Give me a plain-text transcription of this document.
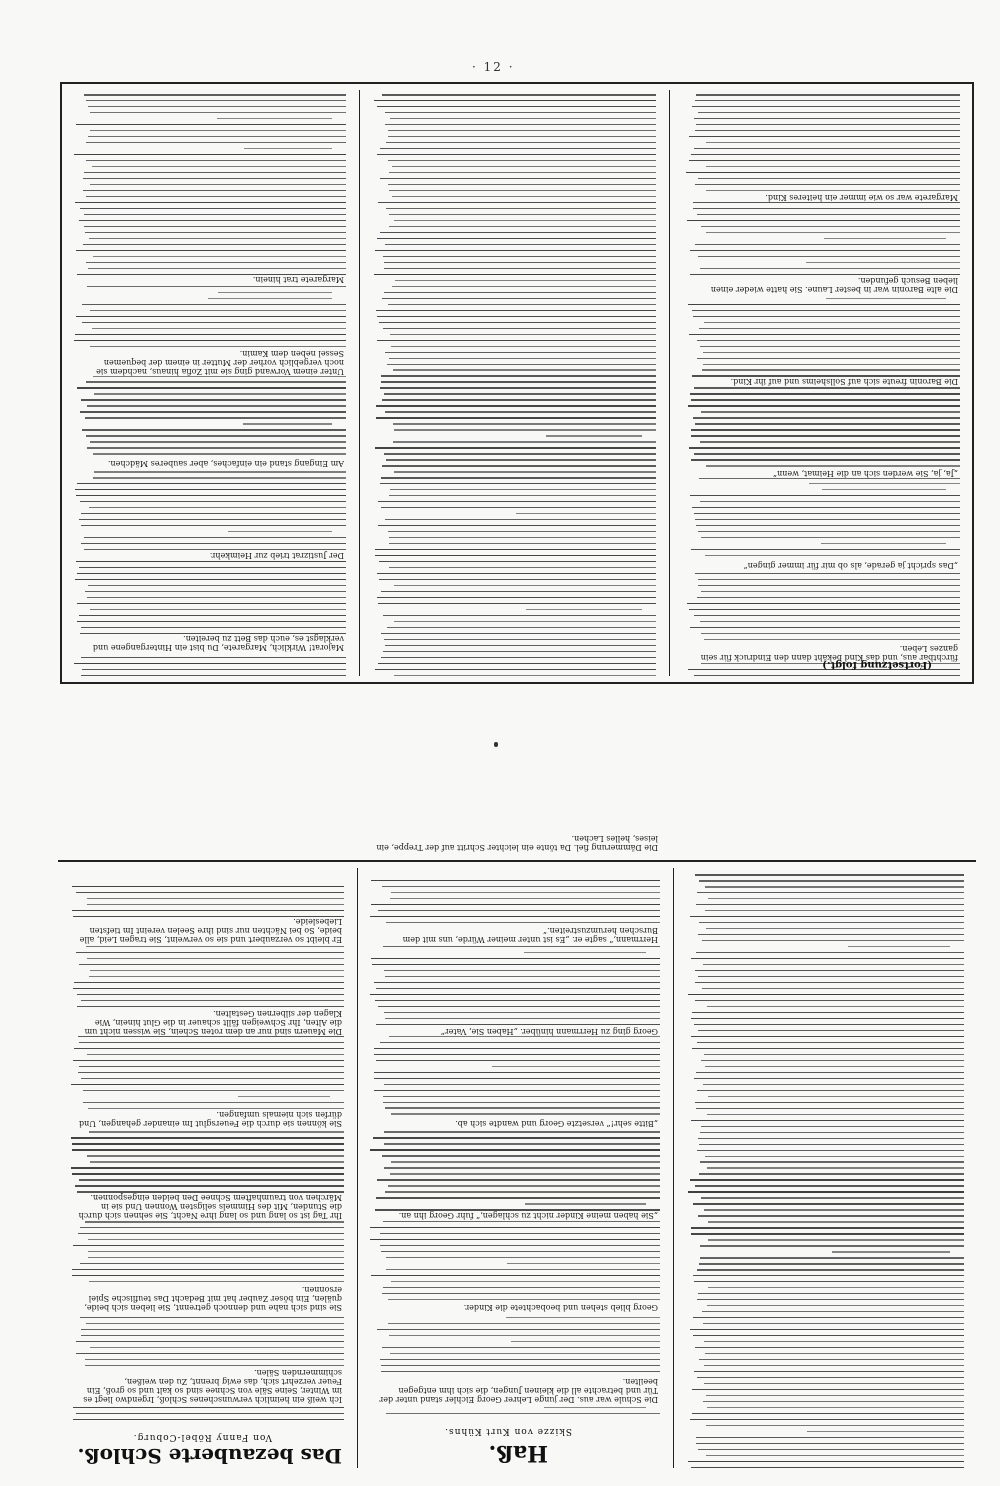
· 12 ·
fürchtbar aus, und das Kind bekäht dann den Eindruck für sein ganzes Leben.
„Das spricht ja gerade, als ob mir für immer gingen“
„Ja, ja, Sie werden sich an die Heimat, wenn“
Die Baronin freute sich auf Sollsheims und auf ihr Kind.
Die alte Baronin war in bester Laune. Sie hatte wieder einen lieben Besuch gefunden.
Margarete war so wie immer ein heiteres Kind.
Majorat! Wirklich, Margarete, Du bist ein Hintergangene und verklagst es, euch das Bett zu bereiten.
Der Justizrat trieb zur Heimkehr.
Am Eingang stand ein einfaches, aber sauberes Mädchen.
Unter einem Vorwand ging sie mit Zofia hinaus, nachdem sie noch vergeblich vorher der Mutter in einem der bequemen Sessel neben dem Kamin.
Margarete trat hinein.
(Fortsetzung folgt.)
Haß.
Skizze von Kurt Kühns.
Die Schule war aus. Der junge Lehrer Georg Eichler stand unter der Tür und betrachte all die kleinen Jungen, die sich ihm entgegen beeilten.
Georg blieb stehen und beobachtete die Kinder.
„Sie haben meine Kinder nicht zu schlagen,“ fuhr Georg ihn an.
„Bitte sehr!“ versetzte Georg und wandte sich ab.
Georg ging zu Herrmann hinüber. „Haben Sie, Vater“
Herrmann,“ sagte er. „Es ist unter meiner Würde, uns mit dem Burschen herumzustreiten.“
Die Dämmerung fiel. Da tönte ein leichter Schritt auf der Treppe, ein leises, helles Lachen.
Das bezauberte Schloß.
Von Fanny Röbel-Coburg.
Ich weiß ein heimlich verwunschenes Schloß, Irgendwo liegt es im Winter, Seine Säle von Schnee sind so kalt und so groß, Ein Feuer verzehrt sich, das ewig brennt, Zu den weißen, schimmernden Sälen.
Sie sind sich nahe und dennoch getrennt, Sie lieben sich beide, quälen, Ein böser Zauber hat mit Bedacht Das teuflische Spiel ersonnen.
Ihr Tag ist so lang und so lang ihre Nacht, Sie sehnen sich durch die Stunden, Mit des Himmels seligsten Wonnen Und sie in Märchen von traumhaftem Schnee Den beiden eingesponnen.
Sie können sie durch die Feuersglut Im einander gehangen, Und dürfen sich niemals umfangen.
Die Mauern sind nur an dem roten Schein, Sie wissen nicht um die Alten, Ihr Schweigen fällt schauer in die Glut hinein, Wie Klagen der silbernen Gestalten.
Er bleibt so verzaubert und sie so verweint, Sie tragen Leid, alle beide, So bei Nächten nur sind ihre Seelen vereint Im tiefsten Liebesleide.
